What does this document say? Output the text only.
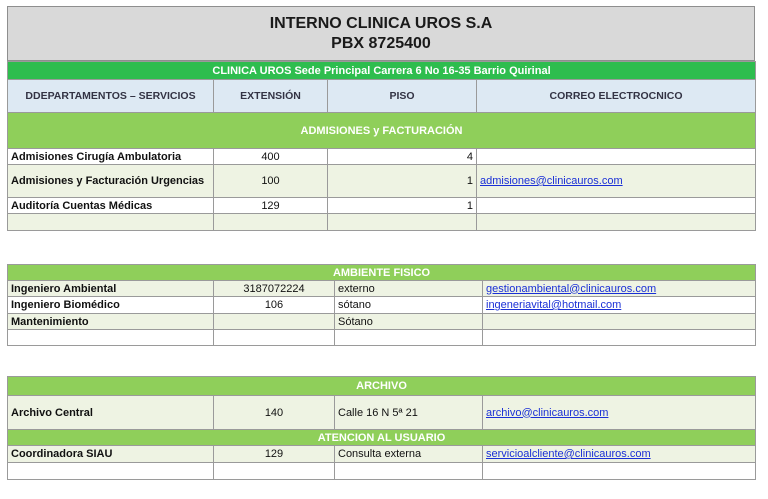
INTERNO CLINICA UROS S.A
PBX 8725400
CLINICA UROS Sede Principal Carrera 6 No 16-35 Barrio Quirinal			
DDEPARTAMENTOS – SERVICIOS	EXTENSIÓN	PISO	CORREO ELECTROCNICO
ADMISIONES y FACTURACIÓN			
Admisiones Cirugía Ambulatoria	400	4	
Admisiones y Facturación Urgencias	100	1	admisiones@clinicauros.com
Auditoría Cuentas Médicas	129	1	

AMBIENTE FISICO			
Ingeniero Ambiental	3187072224	externo	gestionambiental@clinicauros.com
Ingeniero Biomédico	106	sótano	ingeneriavital@hotmail.com
Mantenimiento		Sótano	

ARCHIVO			
Archivo Central	140	Calle 16 N 5ª 21	archivo@clinicauros.com
ATENCION AL USUARIO			
Coordinadora SIAU	129	Consulta externa	servicioalcliente@clinicauros.com
